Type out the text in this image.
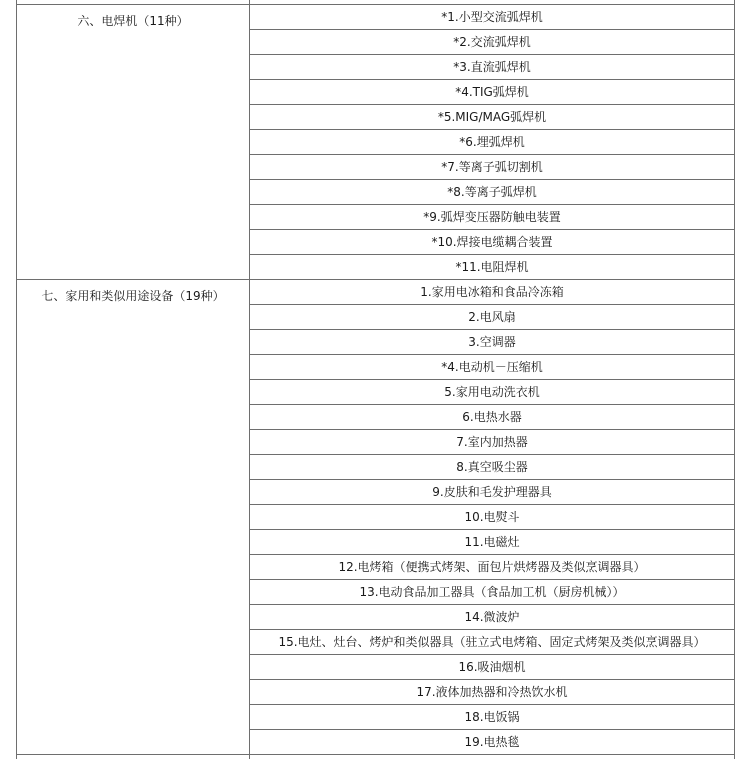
六、电焊机（11种）	*1.小型交流弧焊机
	*2.交流弧焊机
	*3.直流弧焊机
	*4.TIG弧焊机
	*5.MIG/MAG弧焊机
	*6.埋弧焊机
	*7.等离子弧切割机
	*8.等离子弧焊机
	*9.弧焊变压器防触电装置
	*10.焊接电缆耦合装置
	*11.电阻焊机
七、家用和类似用途设备（19种）	1.家用电冰箱和食品冷冻箱
	2.电风扇
	3.空调器
	*4.电动机－压缩机
	5.家用电动洗衣机
	6.电热水器
	7.室内加热器
	8.真空吸尘器
	9.皮肤和毛发护理器具
	10.电熨斗
	11.电磁灶
	12.电烤箱（便携式烤架、面包片烘烤器及类似烹调器具）
	13.电动食品加工器具（食品加工机（厨房机械））
	14.微波炉
	15.电灶、灶台、烤炉和类似器具（驻立式电烤箱、固定式烤架及类似烹调器具）
	16.吸油烟机
	17.液体加热器和冷热饮水机
	18.电饭锅
	19.电热毯
